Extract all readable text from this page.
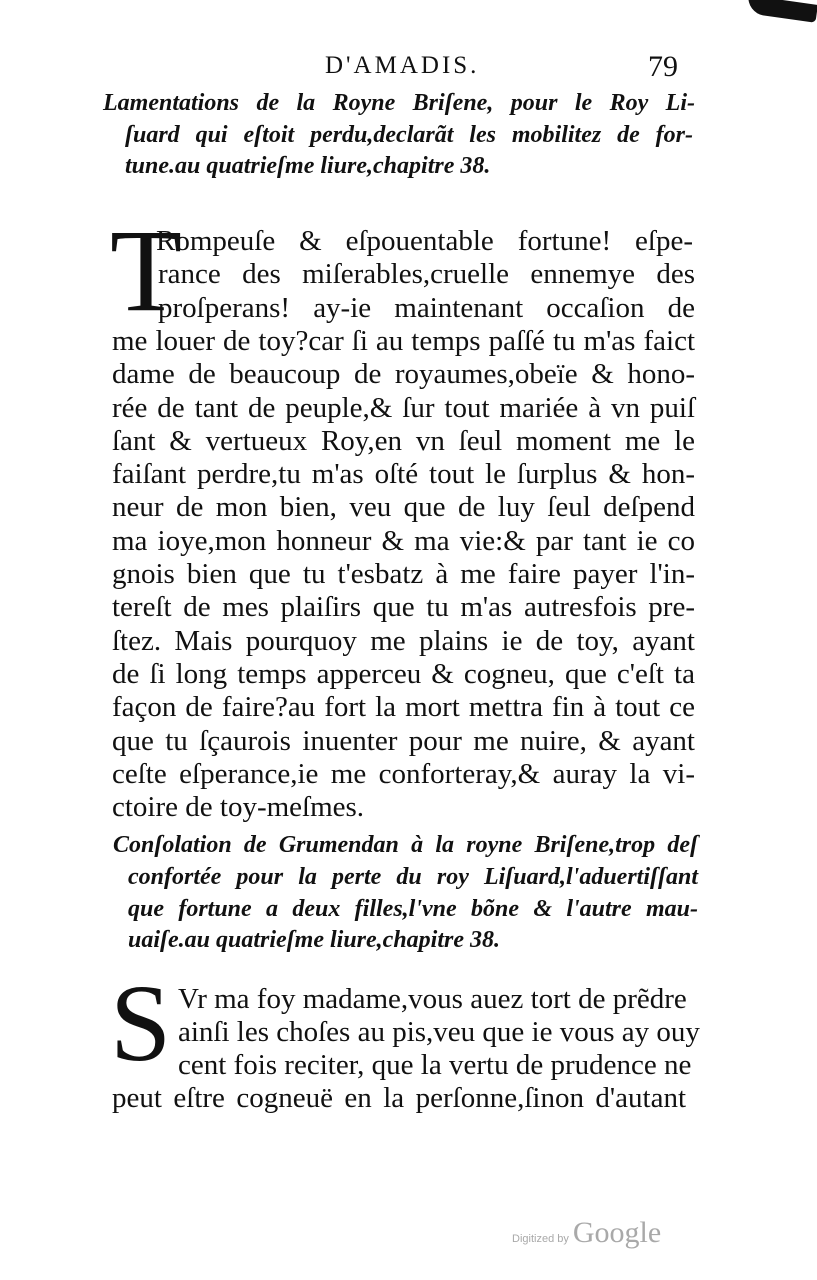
D'AMADIS.	79
Lamentations de la Royne Briſene, pour le Roy Li-
ſuard qui eſtoit perdu,declarãt les mobilitez de for-
tune.au quatrieſme liure,chapitre 38.
T
Rompeuſe & eſpouentable fortune! eſpe-
rance des miſerables,cruelle ennemye des
proſperans! ay-ie maintenant occaſion de
me louer de toy?car ſi au temps paſſé tu m'as faict
dame de beaucoup de royaumes,obeïe & hono-
rée de tant de peuple,& ſur tout mariée à vn puiſ
ſant & vertueux Roy,en vn ſeul moment me le
faiſant perdre,tu m'as oſté tout le ſurplus & hon-
neur de mon bien, veu que de luy ſeul deſpend
ma ioye,mon honneur & ma vie:& par tant ie co
gnois bien que tu t'esbatz à me faire payer l'in-
tereſt de mes plaiſirs que tu m'as autresfois pre-
ſtez. Mais pourquoy me plains ie de toy, ayant
de ſi long temps apperceu & cogneu, que c'eſt ta
façon de faire?au fort la mort mettra fin à tout ce
que tu ſçaurois inuenter pour me nuire, & ayant
ceſte eſperance,ie me conforteray,& auray la vi-
ctoire de toy-meſmes.
Conſolation de Grumendan à la royne Briſene,trop deſ
confortée pour la perte du roy Liſuard,l'aduertiſſant
que fortune a deux filles,l'vne bõne & l'autre mau-
uaiſe.au quatrieſme liure,chapitre 38.
S Vr ma foy madame,vous auez tort de prẽdre
ainſi les choſes au pis,veu que ie vous ay ouy
cent fois reciter, que la vertu de prudence ne
peut eſtre cogneuë en la perſonne,ſinon d'autant
Digitized by Google
